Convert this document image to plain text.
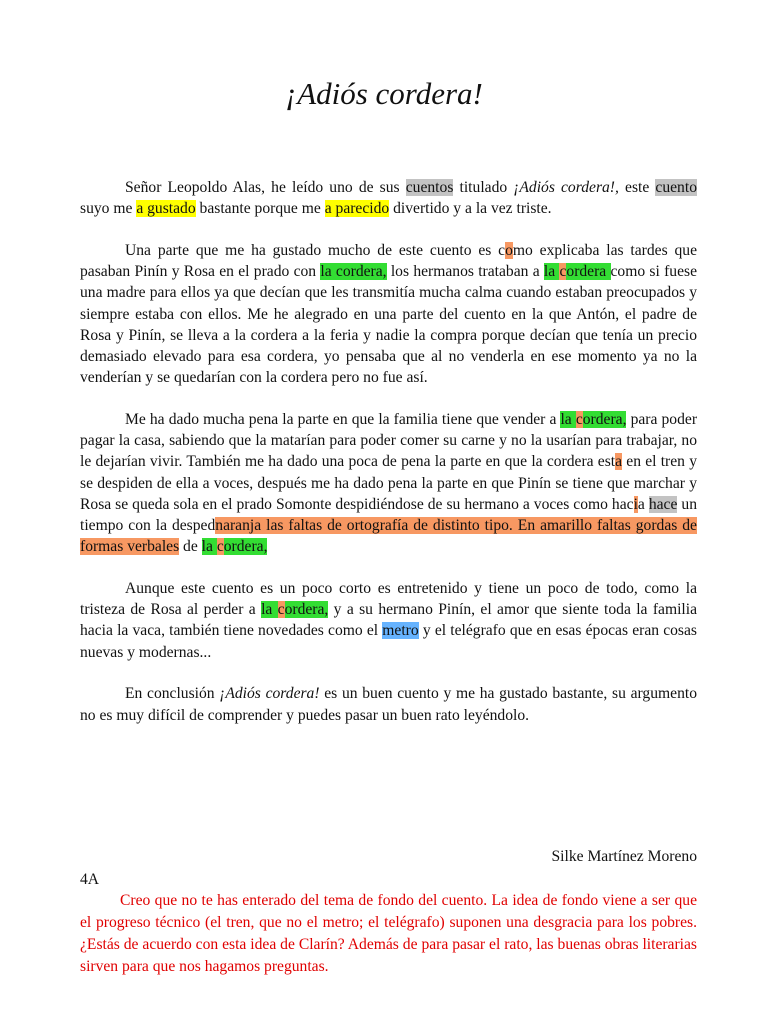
¡Adiós cordera!

Señor Leopoldo Alas, he leído uno de sus cuentos titulado ¡Adiós cordera!, este cuento suyo me a gustado bastante porque me a parecido divertido y a la vez triste.

Una parte que me ha gustado mucho de este cuento es como explicaba las tardes que pasaban Pinín y Rosa en el prado con la cordera, los hermanos trataban a la cordera como si fuese una madre para ellos ya que decían que les transmitía mucha calma cuando estaban preocupados y siempre estaba con ellos. Me he alegrado en una parte del cuento en la que Antón, el padre de Rosa y Pinín, se lleva a la cordera a la feria y nadie la compra porque decían que tenía un precio demasiado elevado para esa cordera, yo pensaba que al no venderla en ese momento ya no la venderían y se quedarían con la cordera pero no fue así.

Me ha dado mucha pena la parte en que la familia tiene que vender a la cordera, para poder pagar la casa, sabiendo que la matarían para poder comer su carne y no la usarían para trabajar, no le dejarían vivir. También me ha dado una poca de pena la parte en que la cordera esta en el tren y se despiden de ella a voces, después me ha dado pena la parte en que Pinín se tiene que marchar y Rosa se queda sola en el prado Somonte despidiéndose de su hermano a voces como hacia hace un tiempo con la despednaranja las faltas de ortografía de distinto tipo. En amarillo faltas gordas de formas verbales de la cordera,

Aunque este cuento es un poco corto es entretenido y tiene un poco de todo, como la tristeza de Rosa al perder a la cordera, y a su hermano Pinín, el amor que siente toda la familia hacia la vaca, también tiene novedades como el metro y el telégrafo que en esas épocas eran cosas nuevas y modernas...

En conclusión ¡Adiós cordera! es un buen cuento y me ha gustado bastante, su argumento no es muy difícil de comprender y puedes pasar un buen rato leyéndolo.

Silke Martínez Moreno
4A

Creo que no te has enterado del tema de fondo del cuento. La idea de fondo viene a ser que el progreso técnico (el tren, que no el metro; el telégrafo) suponen una desgracia para los pobres. ¿Estás de acuerdo con esta idea de Clarín? Además de para pasar el rato, las buenas obras literarias sirven para que nos hagamos preguntas.
